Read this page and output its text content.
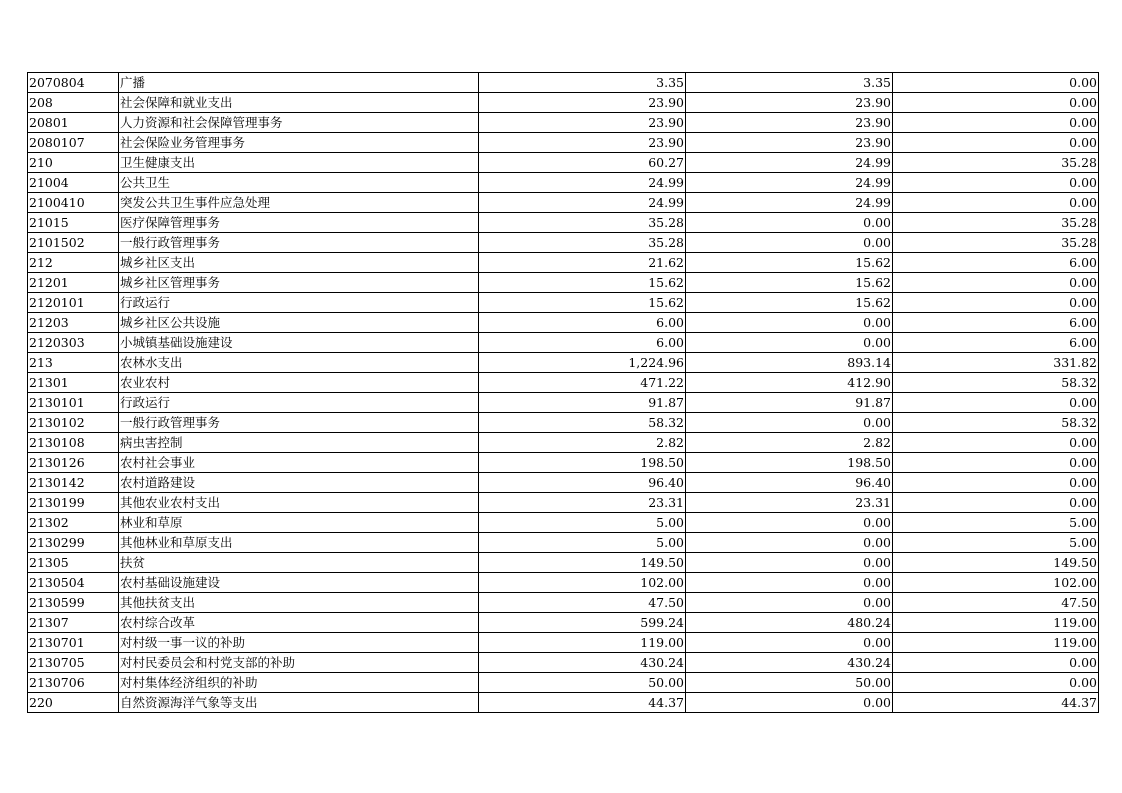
2070804	广播	3.35	3.35	0.00
208	社会保障和就业支出	23.90	23.90	0.00
20801	人力资源和社会保障管理事务	23.90	23.90	0.00
2080107	社会保险业务管理事务	23.90	23.90	0.00
210	卫生健康支出	60.27	24.99	35.28
21004	公共卫生	24.99	24.99	0.00
2100410	突发公共卫生事件应急处理	24.99	24.99	0.00
21015	医疗保障管理事务	35.28	0.00	35.28
2101502	一般行政管理事务	35.28	0.00	35.28
212	城乡社区支出	21.62	15.62	6.00
21201	城乡社区管理事务	15.62	15.62	0.00
2120101	行政运行	15.62	15.62	0.00
21203	城乡社区公共设施	6.00	0.00	6.00
2120303	小城镇基础设施建设	6.00	0.00	6.00
213	农林水支出	1,224.96	893.14	331.82
21301	农业农村	471.22	412.90	58.32
2130101	行政运行	91.87	91.87	0.00
2130102	一般行政管理事务	58.32	0.00	58.32
2130108	病虫害控制	2.82	2.82	0.00
2130126	农村社会事业	198.50	198.50	0.00
2130142	农村道路建设	96.40	96.40	0.00
2130199	其他农业农村支出	23.31	23.31	0.00
21302	林业和草原	5.00	0.00	5.00
2130299	其他林业和草原支出	5.00	0.00	5.00
21305	扶贫	149.50	0.00	149.50
2130504	农村基础设施建设	102.00	0.00	102.00
2130599	其他扶贫支出	47.50	0.00	47.50
21307	农村综合改革	599.24	480.24	119.00
2130701	对村级一事一议的补助	119.00	0.00	119.00
2130705	对村民委员会和村党支部的补助	430.24	430.24	0.00
2130706	对村集体经济组织的补助	50.00	50.00	0.00
220	自然资源海洋气象等支出	44.37	0.00	44.37
